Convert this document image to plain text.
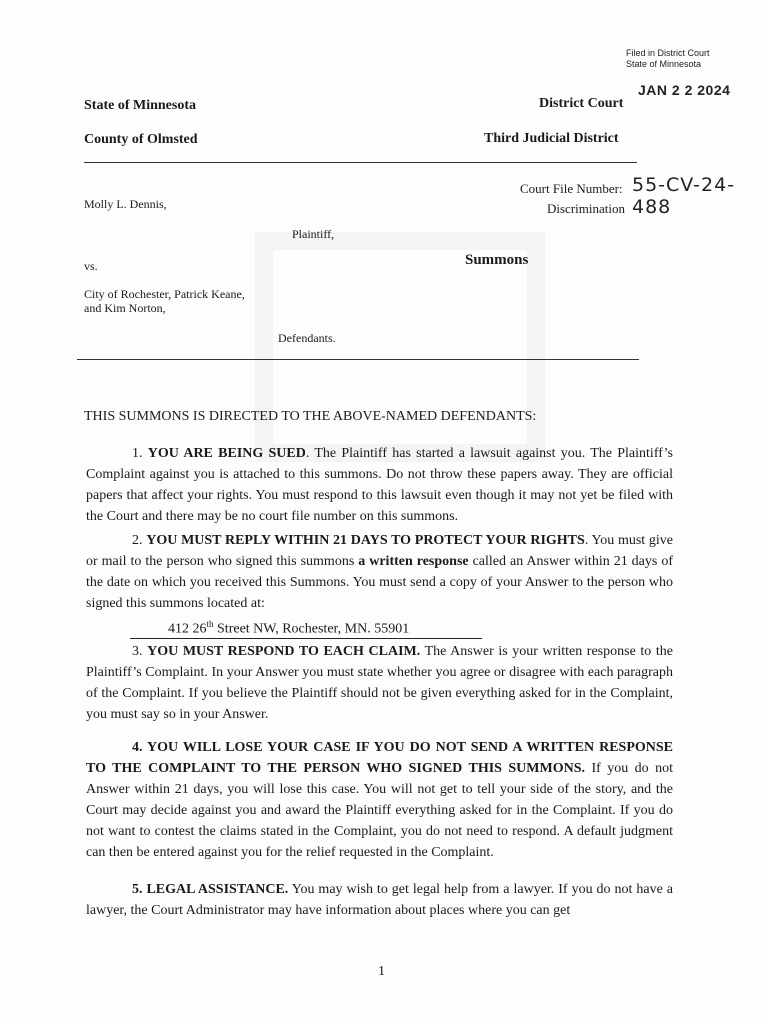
Filed in District Court
State of Minnesota
JAN 2 2 2024
State of Minnesota
County of Olmsted
District Court
Third Judicial District
Court File Number: 55-CV-24-488
Discrimination
Molly L. Dennis,
Plaintiff,
vs.	Summons
City of Rochester, Patrick Keane,
and Kim Norton,
Defendants.
THIS SUMMONS IS DIRECTED TO THE ABOVE-NAMED DEFENDANTS:

1. YOU ARE BEING SUED. The Plaintiff has started a lawsuit against you. The Plaintiff’s Complaint against you is attached to this summons. Do not throw these papers away. They are official papers that affect your rights. You must respond to this lawsuit even though it may not yet be filed with the Court and there may be no court file number on this summons.

2. YOU MUST REPLY WITHIN 21 DAYS TO PROTECT YOUR RIGHTS. You must give or mail to the person who signed this summons a written response called an Answer within 21 days of the date on which you received this Summons. You must send a copy of your Answer to the person who signed this summons located at:

412 26th Street NW, Rochester, MN. 55901

3. YOU MUST RESPOND TO EACH CLAIM. The Answer is your written response to the Plaintiff’s Complaint. In your Answer you must state whether you agree or disagree with each paragraph of the Complaint. If you believe the Plaintiff should not be given everything asked for in the Complaint, you must say so in your Answer.

4. YOU WILL LOSE YOUR CASE IF YOU DO NOT SEND A WRITTEN RESPONSE TO THE COMPLAINT TO THE PERSON WHO SIGNED THIS SUMMONS. If you do not Answer within 21 days, you will lose this case. You will not get to tell your side of the story, and the Court may decide against you and award the Plaintiff everything asked for in the Complaint. If you do not want to contest the claims stated in the Complaint, you do not need to respond. A default judgment can then be entered against you for the relief requested in the Complaint.

5. LEGAL ASSISTANCE. You may wish to get legal help from a lawyer. If you do not have a lawyer, the Court Administrator may have information about places where you can get

1
